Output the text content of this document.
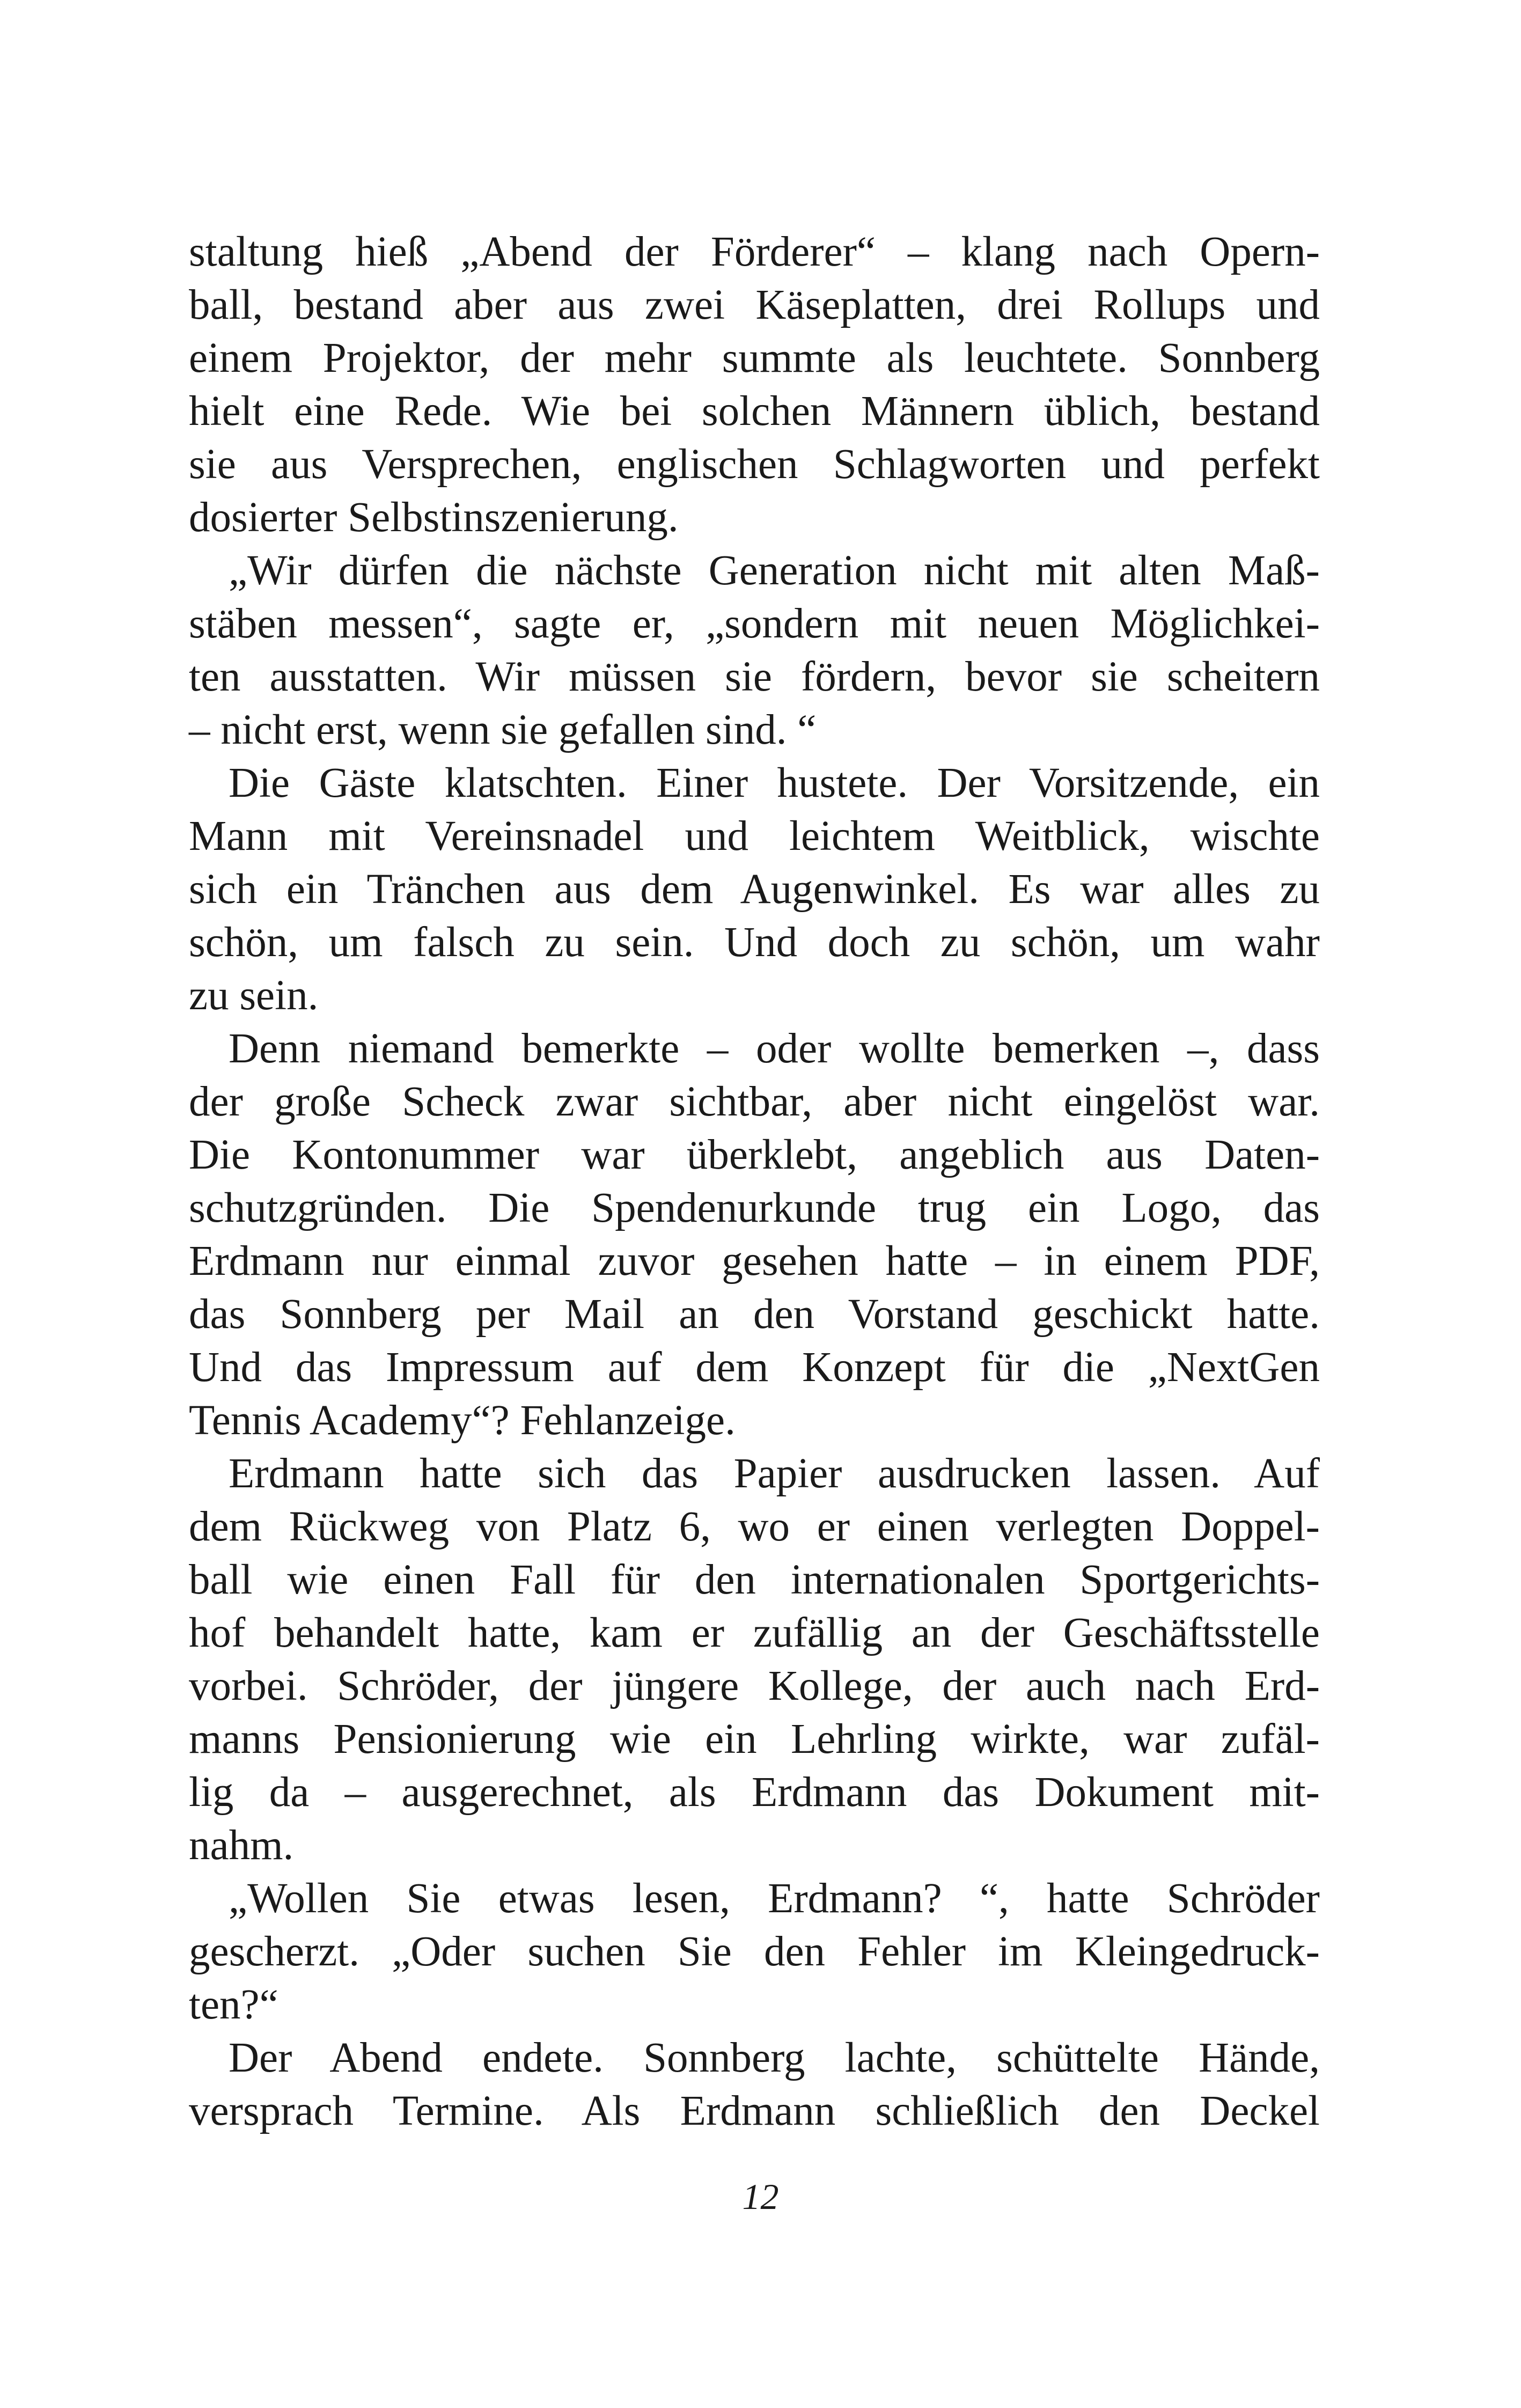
staltung hieß „Abend der Förderer“ – klang nach Opern-
ball, bestand aber aus zwei Käseplatten, drei Rollups und
einem Projektor, der mehr summte als leuchtete. Sonnberg
hielt eine Rede. Wie bei solchen Männern üblich, bestand
sie aus Versprechen, englischen Schlagworten und perfekt
dosierter Selbstinszenierung.
„Wir dürfen die nächste Generation nicht mit alten Maß-
stäben messen“, sagte er, „sondern mit neuen Möglichkei-
ten ausstatten. Wir müssen sie fördern, bevor sie scheitern
– nicht erst, wenn sie gefallen sind. “
Die Gäste klatschten. Einer hustete. Der Vorsitzende, ein
Mann mit Vereinsnadel und leichtem Weitblick, wischte
sich ein Tränchen aus dem Augenwinkel. Es war alles zu
schön, um falsch zu sein. Und doch zu schön, um wahr
zu sein.
Denn niemand bemerkte – oder wollte bemerken –, dass
der große Scheck zwar sichtbar, aber nicht eingelöst war.
Die Kontonummer war überklebt, angeblich aus Daten-
schutzgründen. Die Spendenurkunde trug ein Logo, das
Erdmann nur einmal zuvor gesehen hatte – in einem PDF,
das Sonnberg per Mail an den Vorstand geschickt hatte.
Und das Impressum auf dem Konzept für die „NextGen
Tennis Academy“? Fehlanzeige.
Erdmann hatte sich das Papier ausdrucken lassen. Auf
dem Rückweg von Platz 6, wo er einen verlegten Doppel-
ball wie einen Fall für den internationalen Sportgerichts-
hof behandelt hatte, kam er zufällig an der Geschäftsstelle
vorbei. Schröder, der jüngere Kollege, der auch nach Erd-
manns Pensionierung wie ein Lehrling wirkte, war zufäl-
lig da – ausgerechnet, als Erdmann das Dokument mit-
nahm.
„Wollen Sie etwas lesen, Erdmann? “, hatte Schröder
gescherzt. „Oder suchen Sie den Fehler im Kleingedruck-
ten?“
Der Abend endete. Sonnberg lachte, schüttelte Hände,
versprach Termine. Als Erdmann schließlich den Deckel
12
